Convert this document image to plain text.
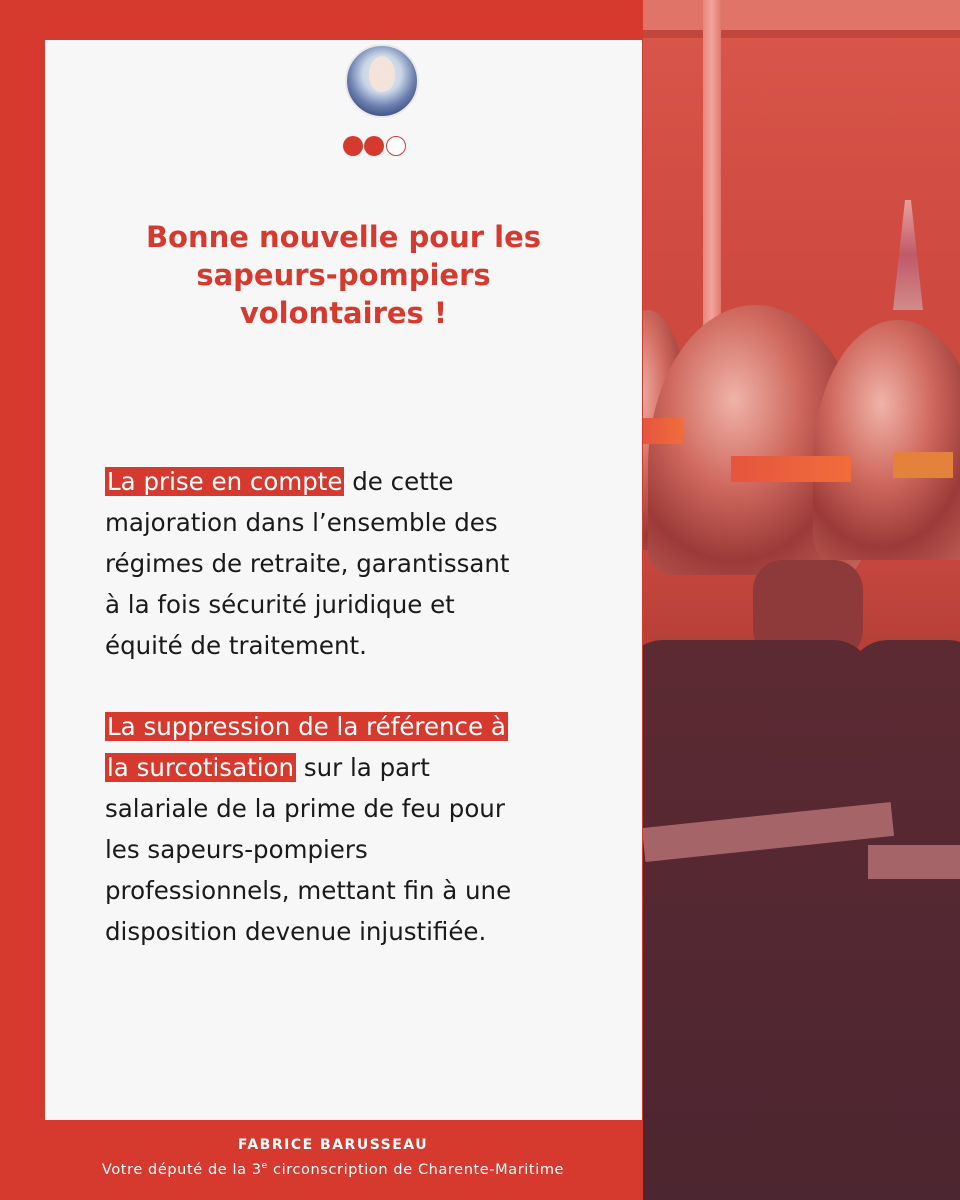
Bonne nouvelle pour les
sapeurs-pompiers
volontaires !
La prise en compte de cette
majoration dans l’ensemble des
régimes de retraite, garantissant
à la fois sécurité juridique et
équité de traitement.
La suppression de la référence à
la surcotisation sur la part
salariale de la prime de feu pour
les sapeurs-pompiers
professionnels, mettant fin à une
disposition devenue injustifiée.
FABRICE BARUSSEAU
Votre député de la 3e circonscription de Charente-Maritime
